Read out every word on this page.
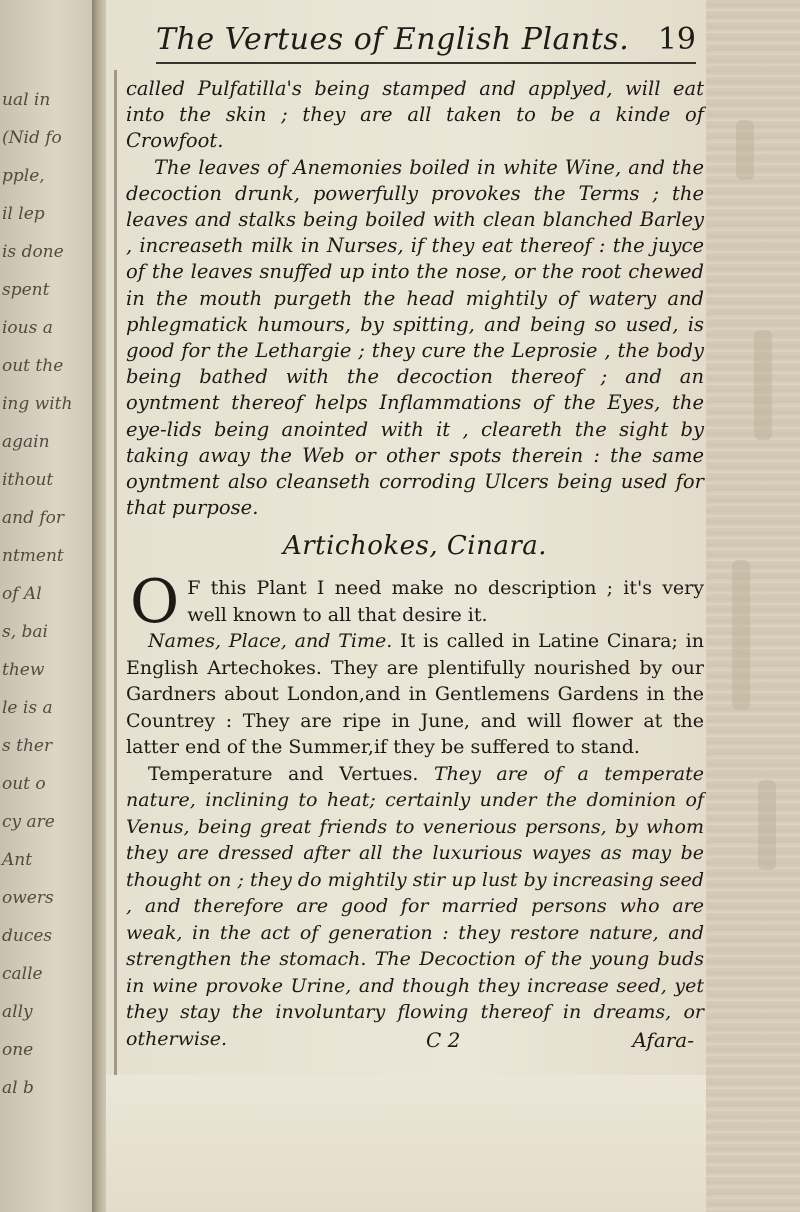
ual in
(Nid fo
pple,
il lep
is done
spent
ious a
out the
ing with
again
ithout
and for
ntment
of Al
s, bai
thew
le is a
s ther
out o
cy are
Ant
owers
duces
calle
ally
one
al b
The Vertues of English Plants. 19

called Pulfatilla's being stamped and applyed, will eat into the skin ; they are all taken to be a kinde of Crowfoot.

The leaves of Anemonies boiled in white Wine, and the decoction drunk, powerfully provokes the Terms ; the leaves and stalks being boiled with clean blanched Barley , increaseth milk in Nurses, if they eat thereof : the juyce of the leaves snuffed up into the nose, or the root chewed in the mouth purgeth the head mightily of watery and phlegmatick humours, by spitting, and being so used, is good for the Lethargie ; they cure the Leprosie , the body being bathed with the decoction thereof ; and an oyntment thereof helps Inflammations of the Eyes, the eye-lids being anointed with it , cleareth the sight by taking away the Web or other spots therein : the same oyntment also cleanseth corroding Ulcers being used for that purpose.

Artichokes, Cinara.

O F this Plant I need make no description ; it's very well known to all that desire it.
Names, Place, and Time. It is called in Latine Cinara; in English Artechokes. They are plentifully nourished by our Gardners about London,and in Gentlemens Gardens in the Countrey : They are ripe in June, and will flower at the latter end of the Summer,if they be suffered to stand.
Temperature and Vertues. They are of a temperate nature, inclining to heat; certainly under the dominion of Venus, being great friends to venerious persons, by whom they are dressed after all the luxurious wayes as may be thought on ; they do mightily stir up lust by increasing seed , and therefore are good for married persons who are weak, in the act of generation : they restore nature, and strengthen the stomach. The Decoction of the young buds in wine provoke Urine, and though they increase seed, yet they stay the involuntary flowing thereof in dreams, or otherwise.	C 2	Afara-
